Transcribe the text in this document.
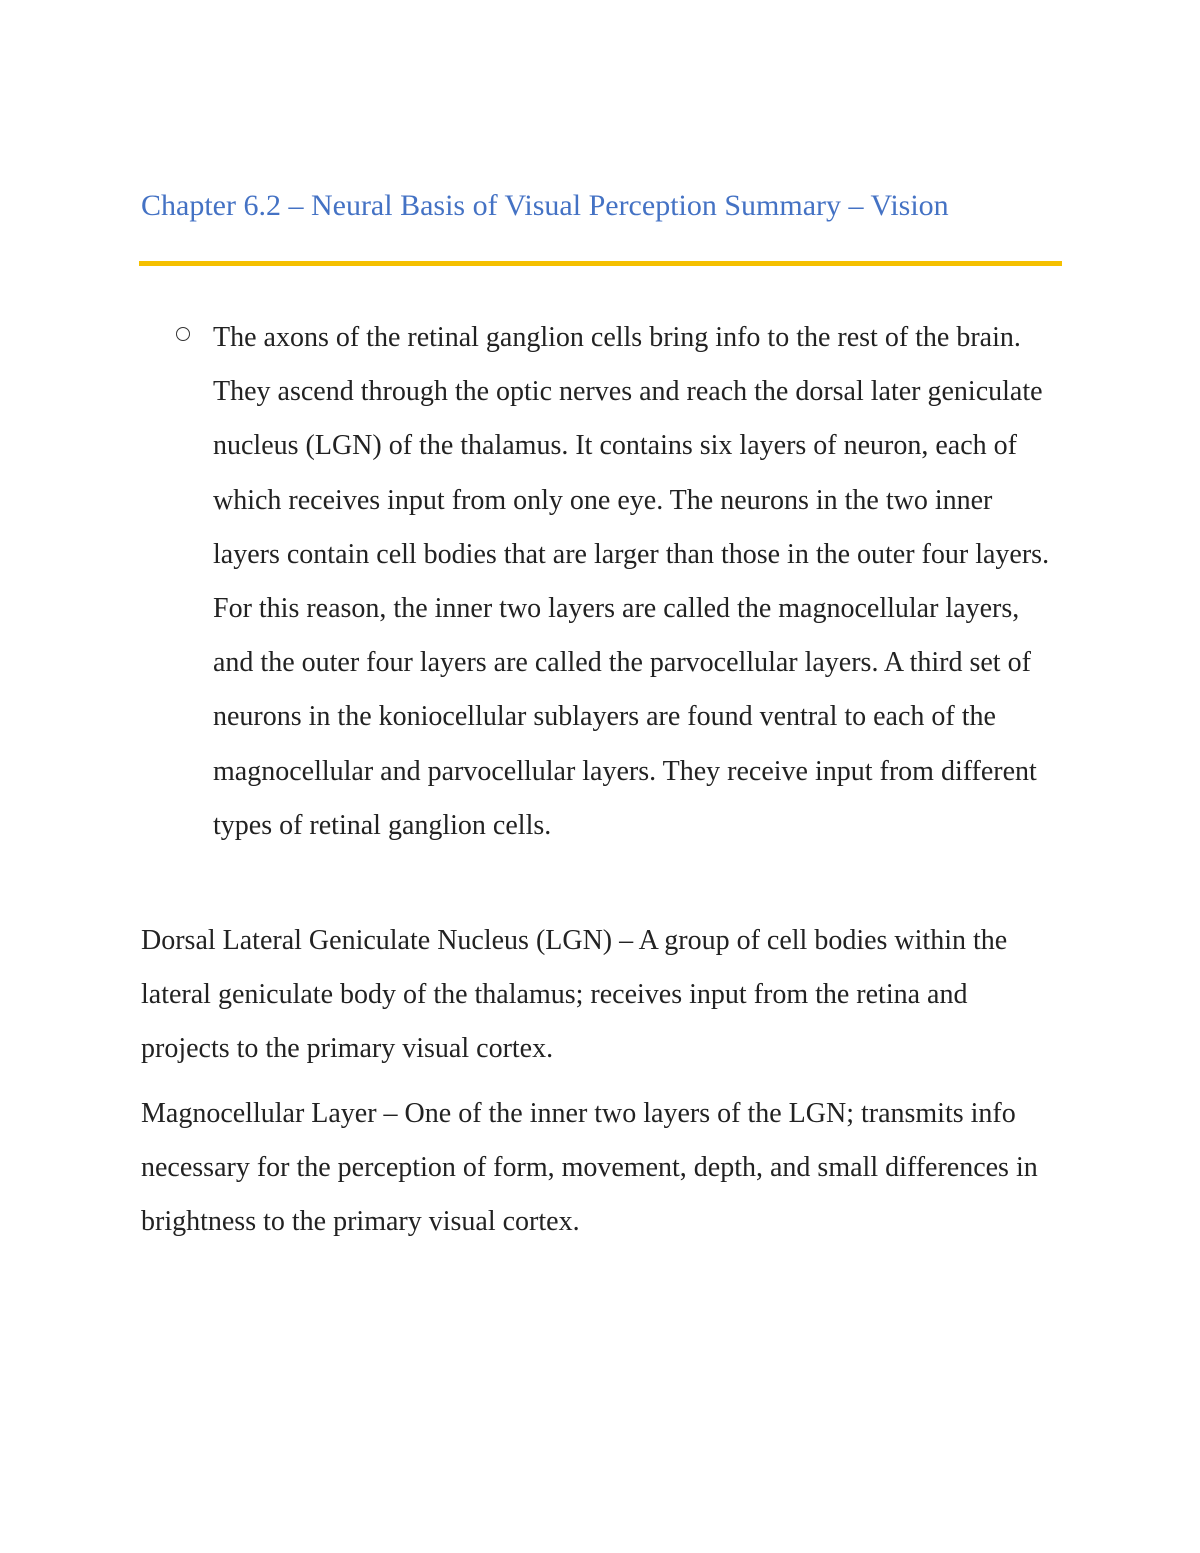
Chapter 6.2 – Neural Basis of Visual Perception Summary – Vision

The axons of the retinal ganglion cells bring info to the rest of the brain. They ascend through the optic nerves and reach the dorsal later geniculate nucleus (LGN) of the thalamus. It contains six layers of neuron, each of which receives input from only one eye. The neurons in the two inner layers contain cell bodies that are larger than those in the outer four layers. For this reason, the inner two layers are called the magnocellular layers, and the outer four layers are called the parvocellular layers. A third set of neurons in the koniocellular sublayers are found ventral to each of the magnocellular and parvocellular layers. They receive input from different types of retinal ganglion cells.

Dorsal Lateral Geniculate Nucleus (LGN) – A group of cell bodies within the lateral geniculate body of the thalamus; receives input from the retina and projects to the primary visual cortex.

Magnocellular Layer – One of the inner two layers of the LGN; transmits info necessary for the perception of form, movement, depth, and small differences in brightness to the primary visual cortex.
